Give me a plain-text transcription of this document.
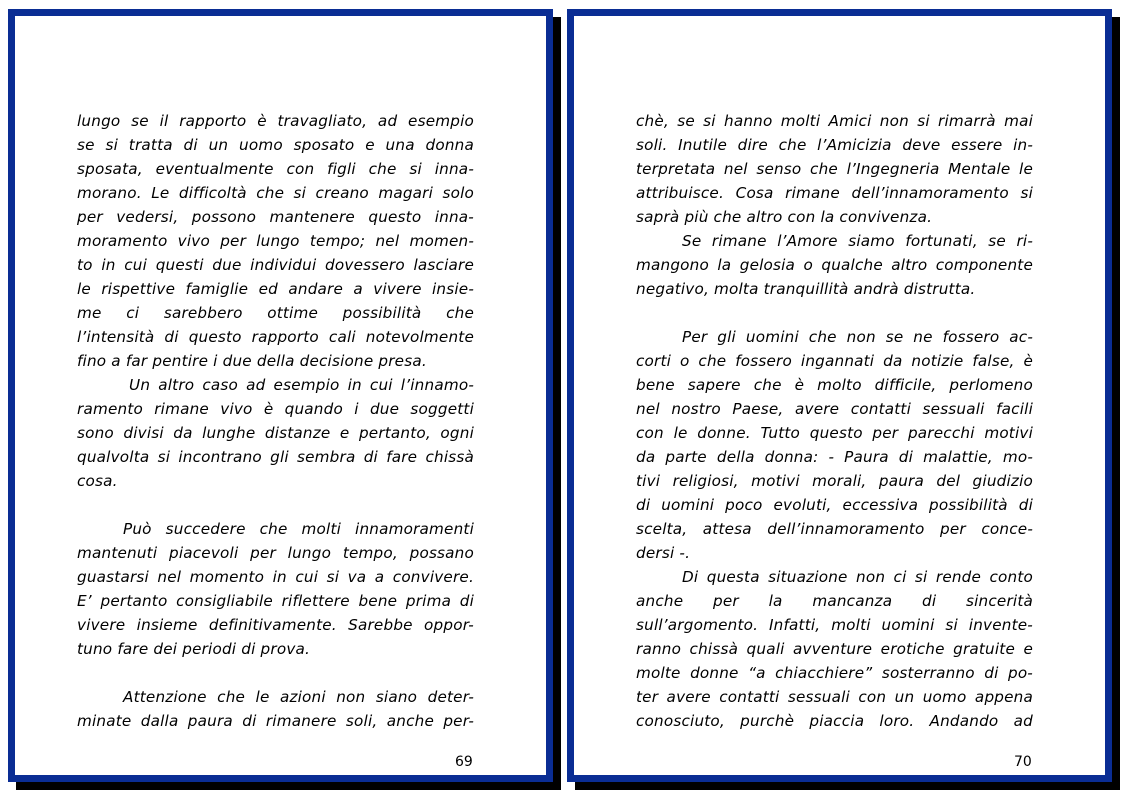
lungo se il rapporto è travagliato, ad esempio
se si tratta di un uomo sposato e una donna
sposata, eventualmente con figli che si inna-
morano. Le difficoltà che si creano magari solo
per vedersi, possono mantenere questo inna-
moramento vivo per lungo tempo; nel momen-
to in cui questi due individui dovessero lasciare
le rispettive famiglie ed andare a vivere insie-
me ci sarebbero ottime possibilità che
l’intensità di questo rapporto cali notevolmente
fino a far pentire i due della decisione presa.
Un altro caso ad esempio in cui l’innamo-
ramento rimane vivo è quando i due soggetti
sono divisi da lunghe distanze e pertanto, ogni
qualvolta si incontrano gli sembra di fare chissà
cosa.
Può succedere che molti innamoramenti
mantenuti piacevoli per lungo tempo, possano
guastarsi nel momento in cui si va a convivere.
E’ pertanto consigliabile riflettere bene prima di
vivere insieme definitivamente. Sarebbe oppor-
tuno fare dei periodi di prova.
Attenzione che le azioni non siano deter-
minate dalla paura di rimanere soli, anche per-
69
chè, se si hanno molti Amici non si rimarrà mai
soli. Inutile dire che l’Amicizia deve essere in-
terpretata nel senso che l’Ingegneria Mentale le
attribuisce. Cosa rimane dell’innamoramento si
saprà più che altro con la convivenza.
Se rimane l’Amore siamo fortunati, se ri-
mangono la gelosia o qualche altro componente
negativo, molta tranquillità andrà distrutta.
Per gli uomini che non se ne fossero ac-
corti o che fossero ingannati da notizie false, è
bene sapere che è molto difficile, perlomeno
nel nostro Paese, avere contatti sessuali facili
con le donne. Tutto questo per parecchi motivi
da parte della donna: - Paura di malattie, mo-
tivi religiosi, motivi morali, paura del giudizio
di uomini poco evoluti, eccessiva possibilità di
scelta, attesa dell’innamoramento per conce-
dersi -.
Di questa situazione non ci si rende conto
anche per la mancanza di sincerità
sull’argomento. Infatti, molti uomini si invente-
ranno chissà quali avventure erotiche gratuite e
molte donne “a chiacchiere” sosterranno di po-
ter avere contatti sessuali con un uomo appena
conosciuto, purchè piaccia loro. Andando ad
70
